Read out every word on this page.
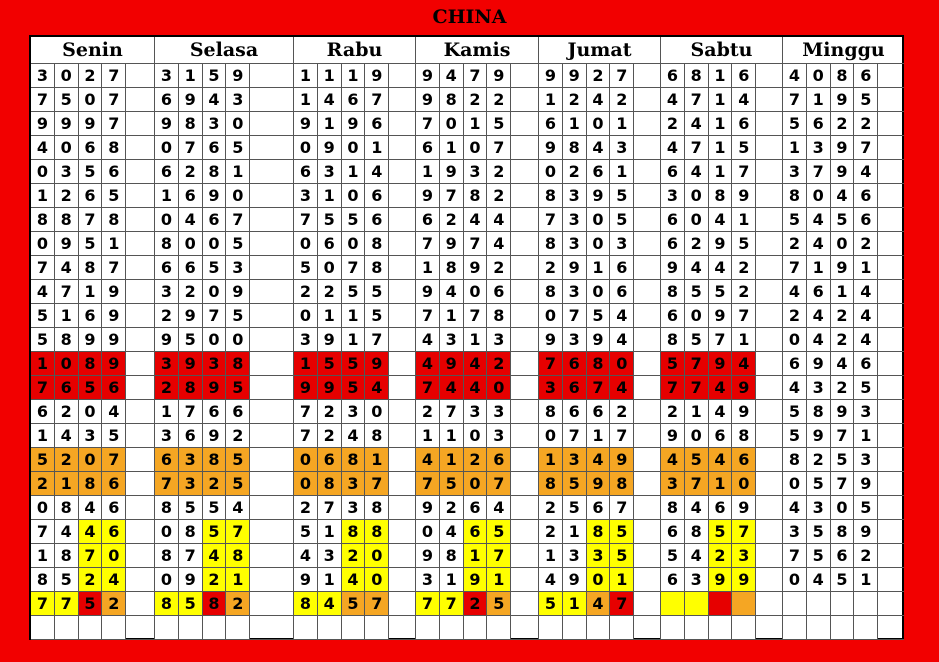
CHINA
Senin	Selasa	Rabu	Kamis	Jumat	Sabtu	Minggu
3 0 2 7	3 1 5 9	1 1 1 9	9 4 7 9	9 9 2 7	6 8 1 6	4 0 8 6
7 5 0 7	6 9 4 3	1 4 6 7	9 8 2 2	1 2 4 2	4 7 1 4	7 1 9 5
9 9 9 7	9 8 3 0	9 1 9 6	7 0 1 5	6 1 0 1	2 4 1 6	5 6 2 2
4 0 6 8	0 7 6 5	0 9 0 1	6 1 0 7	9 8 4 3	4 7 1 5	1 3 9 7
0 3 5 6	6 2 8 1	6 3 1 4	1 9 3 2	0 2 6 1	6 4 1 7	3 7 9 4
1 2 6 5	1 6 9 0	3 1 0 6	9 7 8 2	8 3 9 5	3 0 8 9	8 0 4 6
8 8 7 8	0 4 6 7	7 5 5 6	6 2 4 4	7 3 0 5	6 0 4 1	5 4 5 6
0 9 5 1	8 0 0 5	0 6 0 8	7 9 7 4	8 3 0 3	6 2 9 5	2 4 0 2
7 4 8 7	6 6 5 3	5 0 7 8	1 8 9 2	2 9 1 6	9 4 4 2	7 1 9 1
4 7 1 9	3 2 0 9	2 2 5 5	9 4 0 6	8 3 0 6	8 5 5 2	4 6 1 4
5 1 6 9	2 9 7 5	0 1 1 5	7 1 7 8	0 7 5 4	6 0 9 7	2 4 2 4
5 8 9 9	9 5 0 0	3 9 1 7	4 3 1 3	9 3 9 4	8 5 7 1	0 4 2 4
1 0 8 9	3 9 3 8	1 5 5 9	4 9 4 2	7 6 8 0	5 7 9 4	6 9 4 6
7 6 5 6	2 8 9 5	9 9 5 4	7 4 4 0	3 6 7 4	7 7 4 9	4 3 2 5
6 2 0 4	1 7 6 6	7 2 3 0	2 7 3 3	8 6 6 2	2 1 4 9	5 8 9 3
1 4 3 5	3 6 9 2	7 2 4 8	1 1 0 3	0 7 1 7	9 0 6 8	5 9 7 1
5 2 0 7	6 3 8 5	0 6 8 1	4 1 2 6	1 3 4 9	4 5 4 6	8 2 5 3
2 1 8 6	7 3 2 5	0 8 3 7	7 5 0 7	8 5 9 8	3 7 1 0	0 5 7 9
0 8 4 6	8 5 5 4	2 7 3 8	9 2 6 4	2 5 6 7	8 4 6 9	4 3 0 5
7 4 4 6	0 8 5 7	5 1 8 8	0 4 6 5	2 1 8 5	6 8 5 7	3 5 8 9
1 8 7 0	8 7 4 8	4 3 2 0	9 8 1 7	1 3 3 5	5 4 2 3	7 5 6 2
8 5 2 4	0 9 2 1	9 1 4 0	3 1 9 1	4 9 0 1	6 3 9 9	0 4 5 1
7 7 5 2	8 5 8 2	8 4 5 7	7 7 2 5	5 1 4 7
